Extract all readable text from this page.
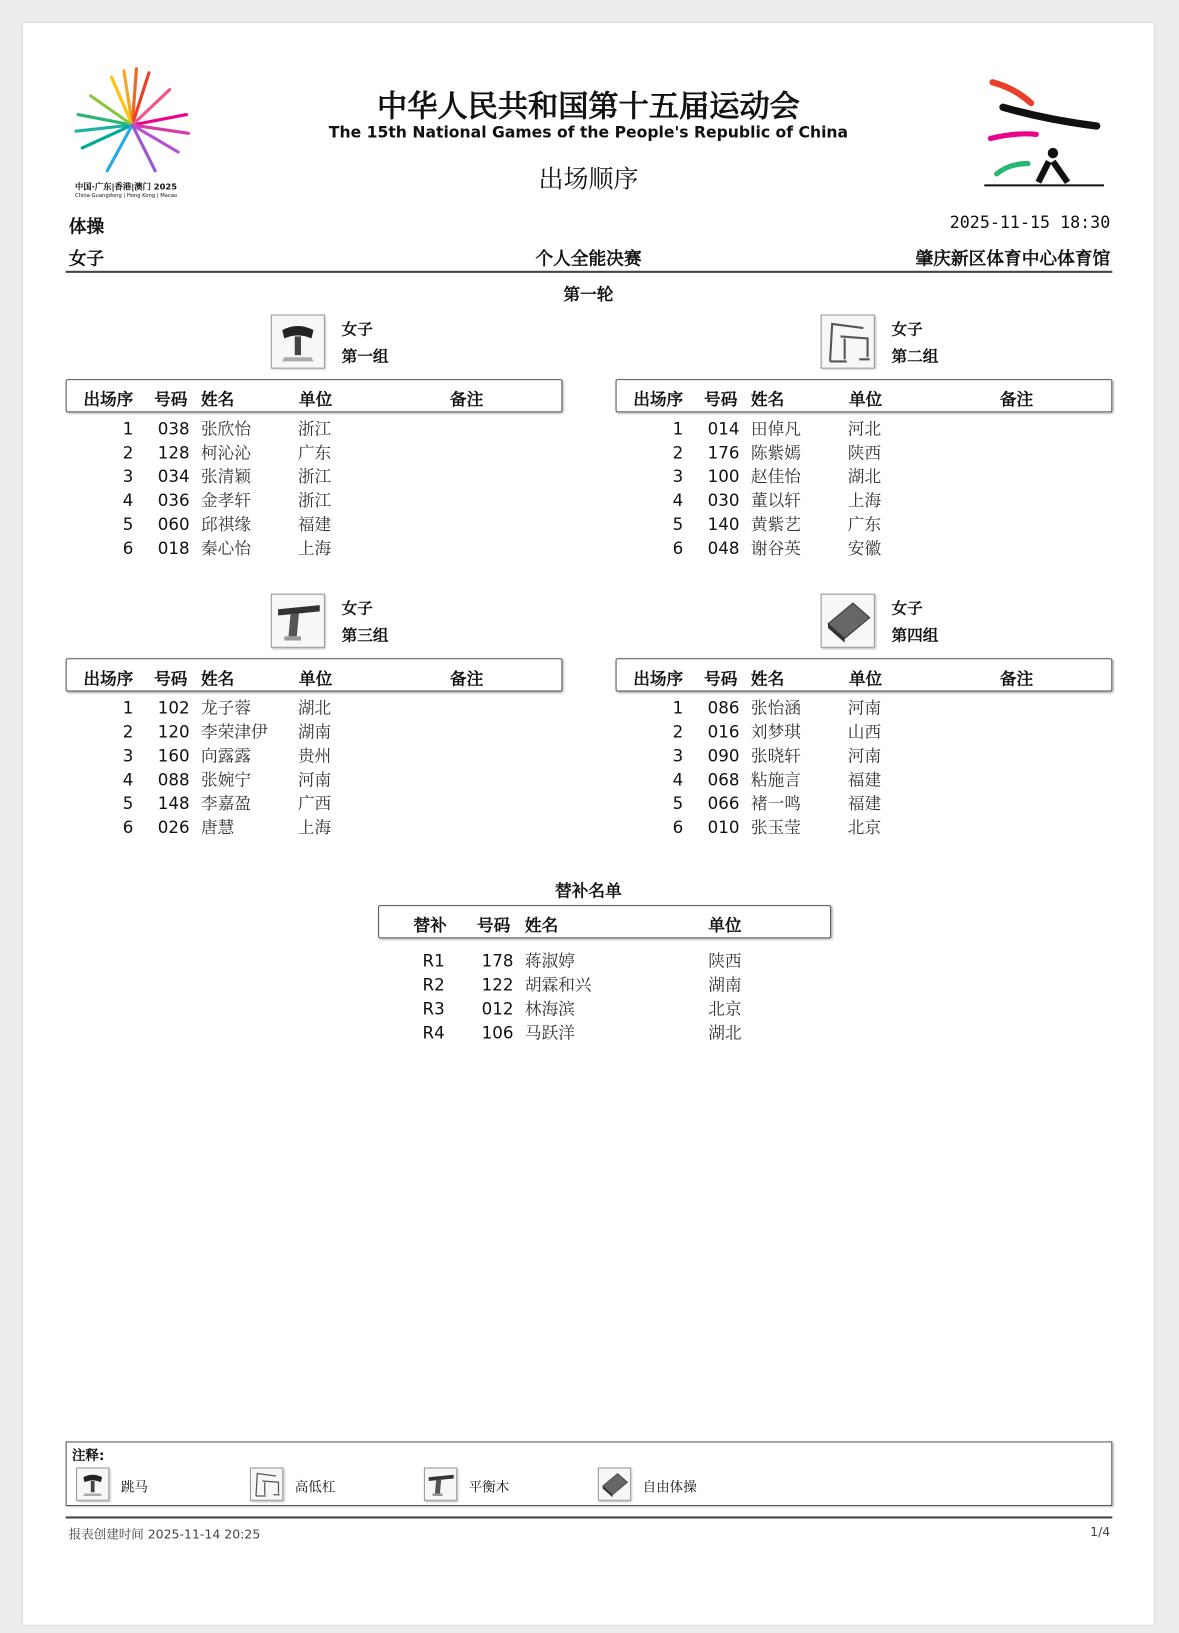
中国·广东|香港|澳门 2025
China·Guangdong | Hong Kong | Macao
中华人民共和国第十五届运动会
The 15th National Games of the People's Republic of China
出场顺序
体操	2025-11-15 18:30
女子	个人全能决赛	肇庆新区体育中心体育馆
第一轮
女子
第一组
出场序 号码 姓名	单位	备注
1 038 张欣怡	浙江
2 128 柯沁沁	广东
3 034 张清颖	浙江
4 036 金孝轩	浙江
5 060 邱祺缘	福建
6 018 秦心怡	上海
女子
第二组
出场序 号码 姓名	单位	备注
1 014 田倬凡	河北
2 176 陈紫嫣	陕西
3 100 赵佳怡	湖北
4 030 董以轩	上海
5 140 黄紫艺	广东
6 048 谢谷英	安徽
女子
第三组
出场序 号码 姓名	单位	备注
1 102 龙子蓉	湖北
2 120 李荣津伊 湖南
3 160 向露露	贵州
4 088 张婉宁	河南
5 148 李嘉盈	广西
6 026 唐慧	上海
女子
第四组
出场序 号码 姓名	单位	备注
1 086 张怡涵	河南
2 016 刘梦琪	山西
3 090 张晓轩	河南
4 068 粘施言	福建
5 066 褚一鸣	福建
6 010 张玉莹	北京
替补名单
替补 号码 姓名	单位
R1 178 蒋淑婷	陕西
R2 122 胡霖和兴	湖南
R3 012 林海滨	北京
R4 106 马跃洋	湖北
注释:
跳马	高低杠	平衡木	自由体操
报表创建时间 2025-11-14 20:25	1/4
